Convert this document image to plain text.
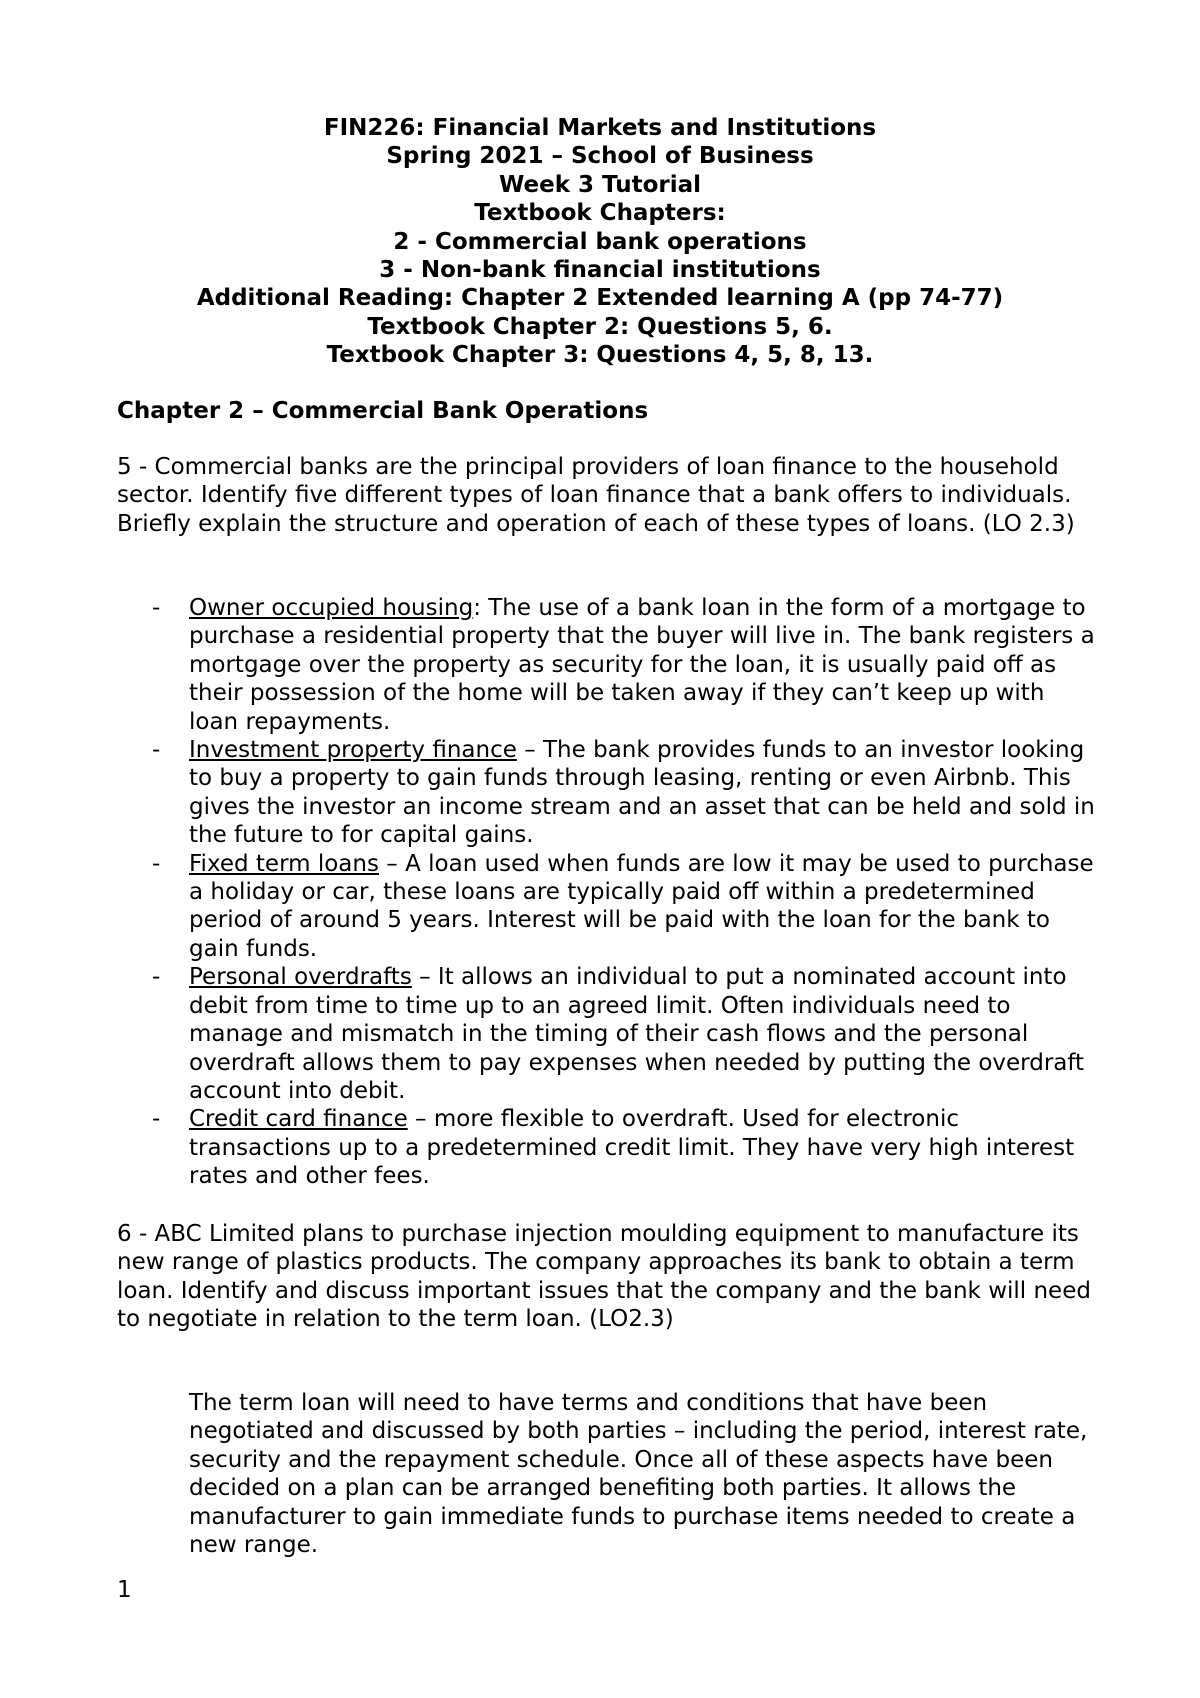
FIN226: Financial Markets and Institutions
Spring 2021 – School of Business
Week 3 Tutorial
Textbook Chapters:
2 - Commercial bank operations
3 - Non-bank financial institutions
Additional Reading: Chapter 2 Extended learning A (pp 74-77)
Textbook Chapter 2: Questions 5, 6.
Textbook Chapter 3: Questions 4, 5, 8, 13.

Chapter 2 – Commercial Bank Operations

5 - Commercial banks are the principal providers of loan finance to the household sector. Identify five different types of loan finance that a bank offers to individuals. Briefly explain the structure and operation of each of these types of loans. (LO 2.3)

- Owner occupied housing: The use of a bank loan in the form of a mortgage to purchase a residential property that the buyer will live in. The bank registers a mortgage over the property as security for the loan, it is usually paid off as their possession of the home will be taken away if they can’t keep up with loan repayments.
- Investment property finance – The bank provides funds to an investor looking to buy a property to gain funds through leasing, renting or even Airbnb. This gives the investor an income stream and an asset that can be held and sold in the future to for capital gains.
- Fixed term loans – A loan used when funds are low it may be used to purchase a holiday or car, these loans are typically paid off within a predetermined period of around 5 years. Interest will be paid with the loan for the bank to gain funds.
- Personal overdrafts – It allows an individual to put a nominated account into debit from time to time up to an agreed limit. Often individuals need to manage and mismatch in the timing of their cash flows and the personal overdraft allows them to pay expenses when needed by putting the overdraft account into debit.
- Credit card finance – more flexible to overdraft. Used for electronic transactions up to a predetermined credit limit. They have very high interest rates and other fees.

6 - ABC Limited plans to purchase injection moulding equipment to manufacture its new range of plastics products. The company approaches its bank to obtain a term loan. Identify and discuss important issues that the company and the bank will need to negotiate in relation to the term loan. (LO2.3)

The term loan will need to have terms and conditions that have been negotiated and discussed by both parties – including the period, interest rate, security and the repayment schedule. Once all of these aspects have been decided on a plan can be arranged benefiting both parties. It allows the manufacturer to gain immediate funds to purchase items needed to create a new range.

1
